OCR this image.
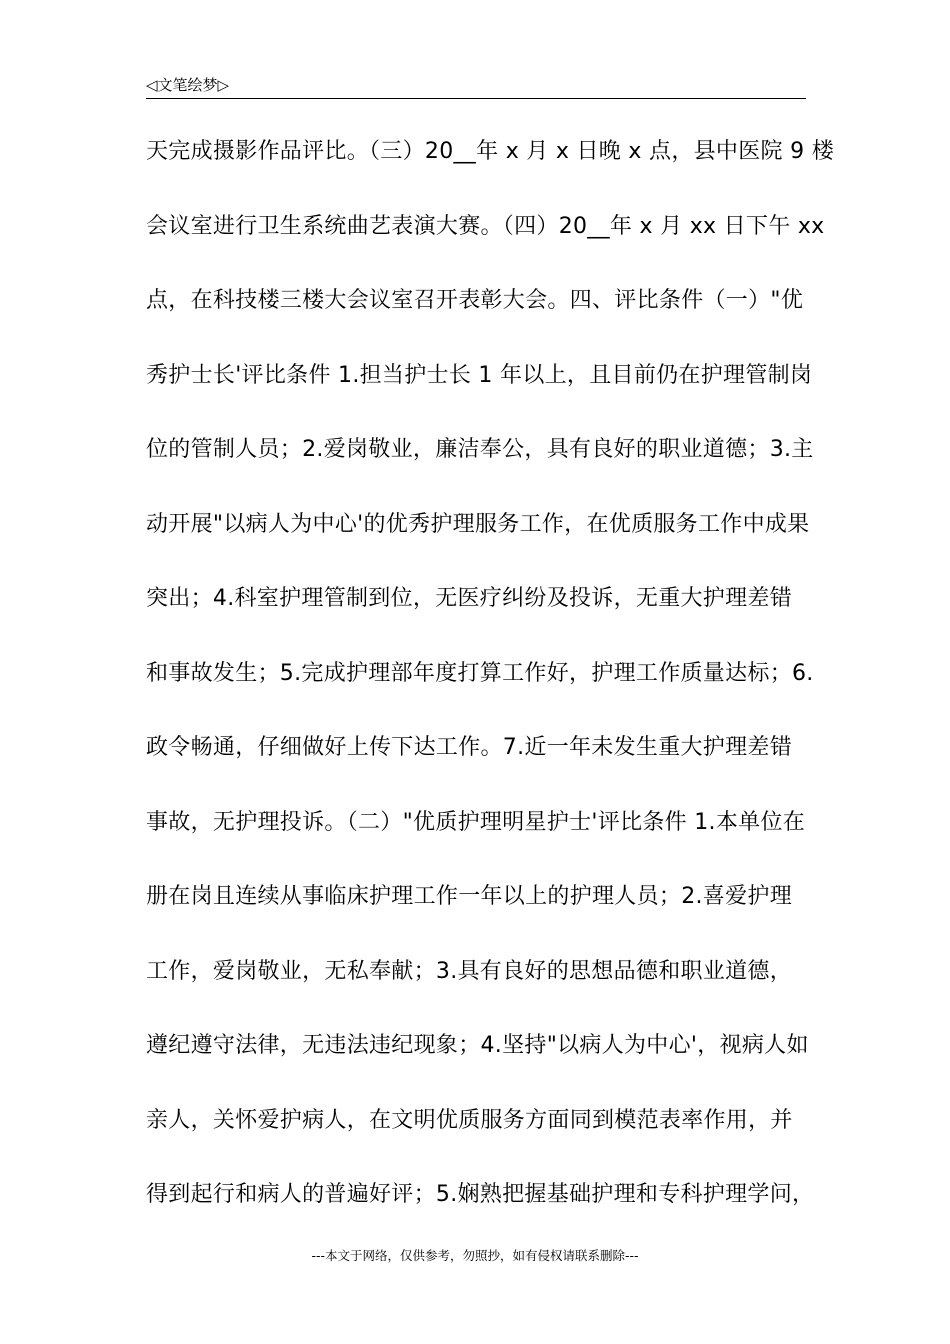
◁文笔绘梦▷
天完成摄影作品评比。（三）20__年 x 月 x 日晚 x 点，县中医院 9 楼
会议室进行卫生系统曲艺表演大赛。（四）20__年 x 月 xx 日下午 xx
点，在科技楼三楼大会议室召开表彰大会。四、评比条件（一）"优
秀护士长'评比条件 1.担当护士长 1 年以上，且目前仍在护理管制岗
位的管制人员；2.爱岗敬业，廉洁奉公，具有良好的职业道德；3.主
动开展"以病人为中心'的优秀护理服务工作，在优质服务工作中成果
突出；4.科室护理管制到位，无医疗纠纷及投诉，无重大护理差错
和事故发生；5.完成护理部年度打算工作好，护理工作质量达标；6.
政令畅通，仔细做好上传下达工作。7.近一年未发生重大护理差错
事故，无护理投诉。（二）"优质护理明星护士'评比条件 1.本单位在
册在岗且连续从事临床护理工作一年以上的护理人员；2.喜爱护理
工作，爱岗敬业，无私奉献；3.具有良好的思想品德和职业道德，
遵纪遵守法律，无违法违纪现象；4.坚持"以病人为中心'，视病人如
亲人，关怀爱护病人，在文明优质服务方面同到模范表率作用，并
得到起行和病人的普遍好评；5.娴熟把握基础护理和专科护理学问，
---本文于网络，仅供参考，勿照抄，如有侵权请联系删除---
